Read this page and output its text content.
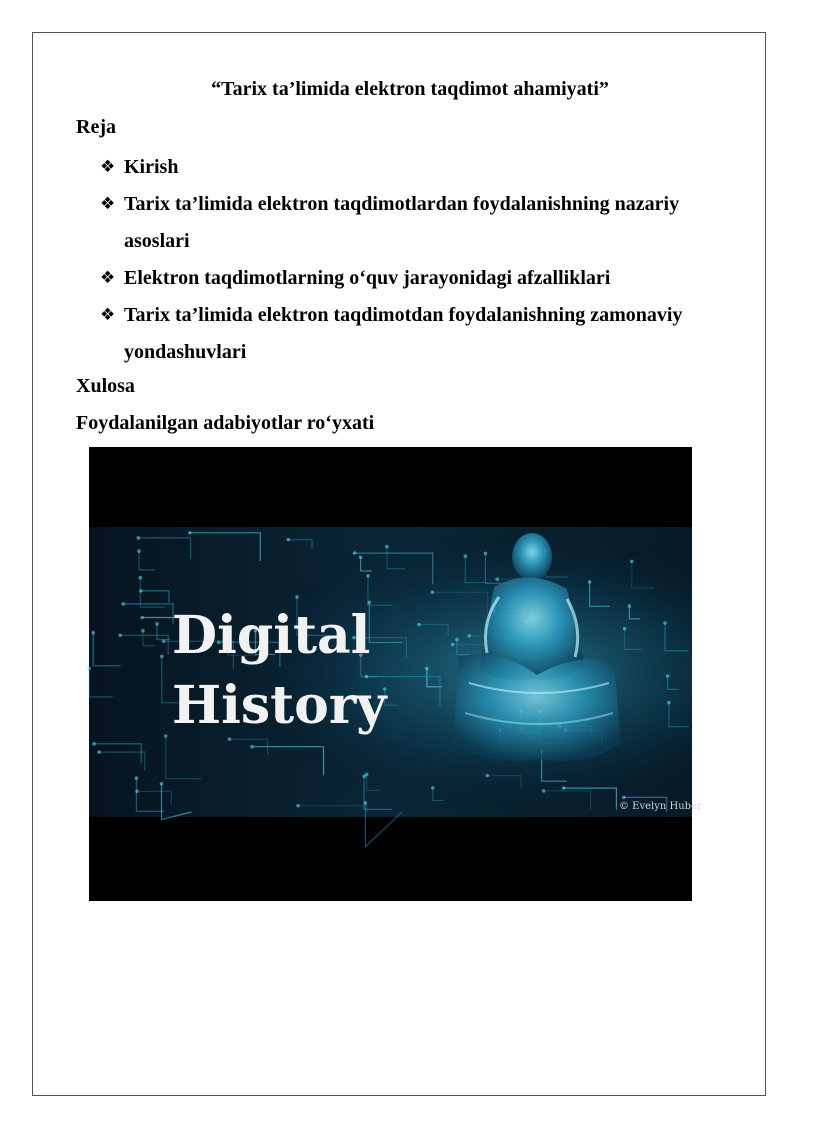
“Tarix ta’limida elektron taqdimot ahamiyati”
Reja
❖ Kirish
❖ Tarix ta’limida elektron taqdimotlardan foydalanishning nazariy asoslari
❖ Elektron taqdimotlarning o‘quv jarayonidagi afzalliklari
❖ Tarix ta’limida elektron taqdimotdan foydalanishning zamonaviy yondashuvlari
Xulosa
Foydalanilgan adabiyotlar ro‘yxati
Digital
History
© Evelyn Huber
